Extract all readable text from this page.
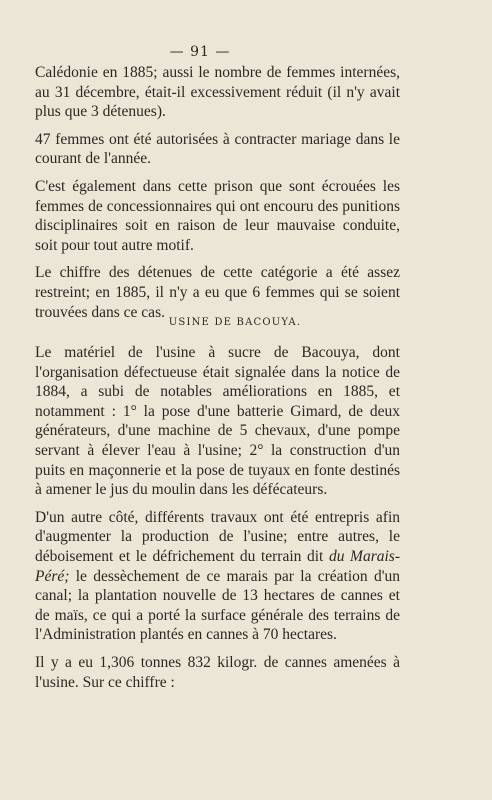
— 91 —

Calédonie en 1885; aussi le nombre de femmes internées, au 31 décembre, était-il excessivement réduit (il n'y avait plus que 3 détenues).

47 femmes ont été autorisées à contracter mariage dans le courant de l'année.

C'est également dans cette prison que sont écrouées les femmes de concessionnaires qui ont encouru des punitions disciplinaires soit en raison de leur mauvaise conduite, soit pour tout autre motif.

Le chiffre des détenues de cette catégorie a été assez restreint; en 1885, il n'y a eu que 6 femmes qui se soient trouvées dans ce cas.

USINE DE BACOUYA.

Le matériel de l'usine à sucre de Bacouya, dont l'organisation défectueuse était signalée dans la notice de 1884, a subi de notables améliorations en 1885, et notamment : 1° la pose d'une batterie Gimard, de deux générateurs, d'une machine de 5 chevaux, d'une pompe servant à élever l'eau à l'usine; 2° la construction d'un puits en maçonnerie et la pose de tuyaux en fonte destinés à amener le jus du moulin dans les défécateurs.

D'un autre côté, différents travaux ont été entrepris afin d'augmenter la production de l'usine; entre autres, le déboisement et le défrichement du terrain dit du Marais-Péré; le dessèchement de ce marais par la création d'un canal; la plantation nouvelle de 13 hectares de cannes et de maïs, ce qui a porté la surface générale des terrains de l'Administration plantés en cannes à 70 hectares.

Il y a eu 1,306 tonnes 832 kilogr. de cannes amenées à l'usine. Sur ce chiffre :
